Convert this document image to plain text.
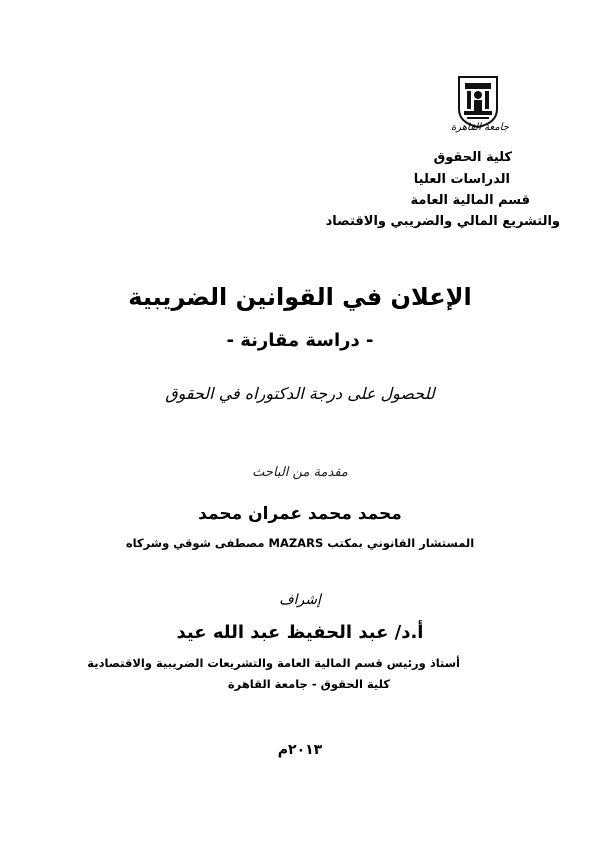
جامعة القاهرة
كلية الحقوق
الدراسات العليا
قسم المالية العامة
والتشريع المالي والضريبي والاقتصاد
الإعلان في القوانين الضريبية
- دراسة مقارنة -
للحصول على درجة الدكتوراه في الحقوق
مقدمة من الباحث
محمد محمد عمران محمد
المستشار القانوني بمكتب MAZARS مصطفى شوقي وشركاه
إشراف
أ.د/ عبد الحفيظ عبد الله عيد
أستاذ ورئيس قسم المالية العامة والتشريعات الضريبية والاقتصادية
كلية الحقوق - جامعة القاهرة
٢٠١٣م
